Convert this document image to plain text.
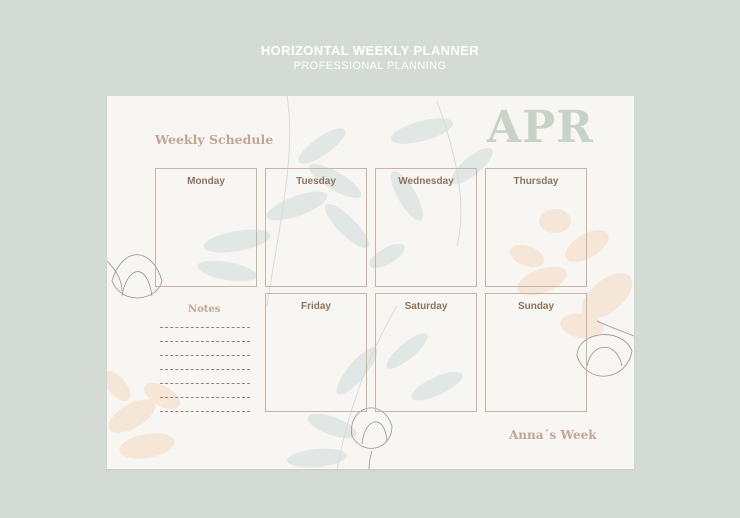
HORIZONTAL WEEKLY PLANNER
PROFESSIONAL PLANNING
APR
Weekly Schedule
Monday	Tuesday	Wednesday	Thursday
Friday	Saturday	Sunday
Notes
Anna´s Week
